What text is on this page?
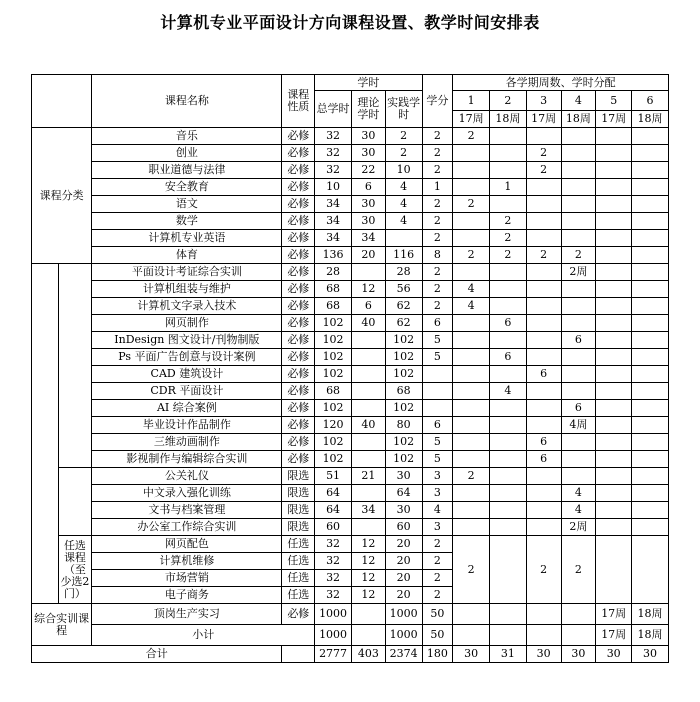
计算机专业平面设计方向课程设置、教学时间安排表
		课程名称	课程性质	学时			学分	各学期周数、学时分配					
				总学时	理论学时	实践学时		1	2	3	4	5	6
								17周	18周	17周	18周	17周	18周
课程分类		音乐	必修	32	30	2	2	2					
		创业	必修	32	30	2	2			2			
		职业道德与法律	必修	32	22	10	2			2			
		安全教育	必修	10	6	4	1		1				
		语文	必修	34	30	4	2	2					
		数学	必修	34	30	4	2		2				
		计算机专业英语	必修	34	34		2		2				
		体育	必修	136	20	116	8	2	2	2	2		
		平面设计考证综合实训	必修	28		28	2				2周		
		计算机组装与维护	必修	68	12	56	2	4					
		计算机文字录入技术	必修	68	6	62	2	4					
		网页制作	必修	102	40	62	6		6				
		InDesign 图文设计/刊物制版	必修	102		102	5				6		
		Ps 平面广告创意与设计案例	必修	102		102	5		6				
		CAD 建筑设计	必修	102		102				6			
		CDR 平面设计	必修	68		68			4				
		AI 综合案例	必修	102		102					6		
		毕业设计作品制作	必修	120	40	80	6				4周		
		三维动画制作	必修	102		102	5			6			
		影视制作与编辑综合实训	必修	102		102	5			6			
		公关礼仪	限选	51	21	30	3	2					
		中文录入强化训练	限选	64		64	3				4		
		文书与档案管理	限选	64	34	30	4				4		
		办公室工作综合实训	限选	60		60	3				2周		
	任选课程（至少选2门）	网页配色	任选	32	12	20	2	2		2	2		
		计算机维修	任选	32	12	20	2						
		市场营销	任选	32	12	20	2						
		电子商务	任选	32	12	20	2						
综合实训课程		顶岗生产实习	必修	1000		1000	50					17周	18周
		小计		1000		1000	50					17周	18周
合计				2777	403	2374	180	30	31	30	30	30	30
